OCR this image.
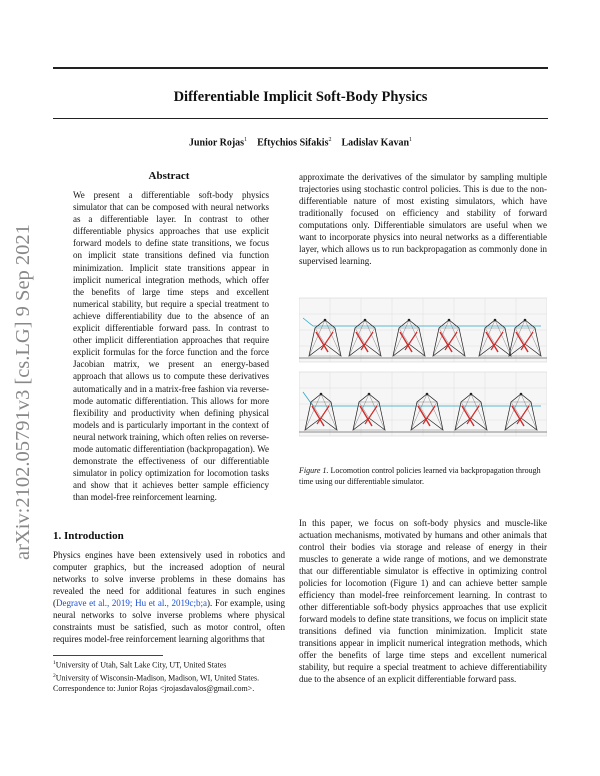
Differentiable Implicit Soft-Body Physics
Junior Rojas$^1$ Eftychios Sifakis$^2$ Ladislav Kavan$^1$
arXiv:2102.05791v3 [cs.LG] 9 Sep 2021
Abstract

We present a differentiable soft-body physics simulator that can be composed with neural networks as a differentiable layer. In contrast to other differentiable physics approaches that use explicit forward models to define state transitions, we focus on implicit state transitions defined via function minimization. Implicit state transitions appear in implicit numerical integration methods, which offer the benefits of large time steps and excellent numerical stability, but require a special treatment to achieve differentiability due to the absence of an explicit differentiable forward pass. In contrast to other implicit differentiation approaches that require explicit formulas for the force function and the force Jacobian matrix, we present an energy-based approach that allows us to compute these derivatives automatically and in a matrix-free fashion via reverse-mode automatic differentiation. This allows for more flexibility and productivity when defining physical models and is particularly important in the context of neural network training, which often relies on reverse-mode automatic differentiation (backpropagation). We demonstrate the effectiveness of our differentiable simulator in policy optimization for locomotion tasks and show that it achieves better sample efficiency than model-free reinforcement learning.

1. Introduction

Physics engines have been extensively used in robotics and computer graphics, but the increased adoption of neural networks to solve inverse problems in these domains has revealed the need for additional features in such engines (Degrave et al., 2019; Hu et al., 2019c;b;a). For example, using neural networks to solve inverse problems where physical constraints must be satisfied, such as motor control, often requires model-free reinforcement learning algorithms that

$^1$University of Utah, Salt Lake City, UT, United States
$^2$University of Wisconsin-Madison, Madison, WI, United States.
Correspondence to: Junior Rojas <jrojasdavalos@gmail.com>.

approximate the derivatives of the simulator by sampling multiple trajectories using stochastic control policies. This is due to the non-differentiable nature of most existing simulators, which have traditionally focused on efficiency and stability of forward computations only. Differentiable simulators are useful when we want to incorporate physics into neural networks as a differentiable layer, which allows us to run backpropagation as commonly done in supervised learning.

Figure 1. Locomotion control policies learned via backpropagation through time using our differentiable simulator.

In this paper, we focus on soft-body physics and muscle-like actuation mechanisms, motivated by humans and other animals that control their bodies via storage and release of energy in their muscles to generate a wide range of motions, and we demonstrate that our differentiable simulator is effective in optimizing control policies for locomotion (Figure 1) and can achieve better sample efficiency than model-free reinforcement learning. In contrast to other differentiable soft-body physics approaches that use explicit forward models to define state transitions, we focus on implicit state transitions defined via function minimization. Implicit state transitions appear in implicit numerical integration methods, which offer the benefits of large time steps and excellent numerical stability, but require a special treatment to achieve differentiability due to the absence of an explicit differentiable forward pass.
